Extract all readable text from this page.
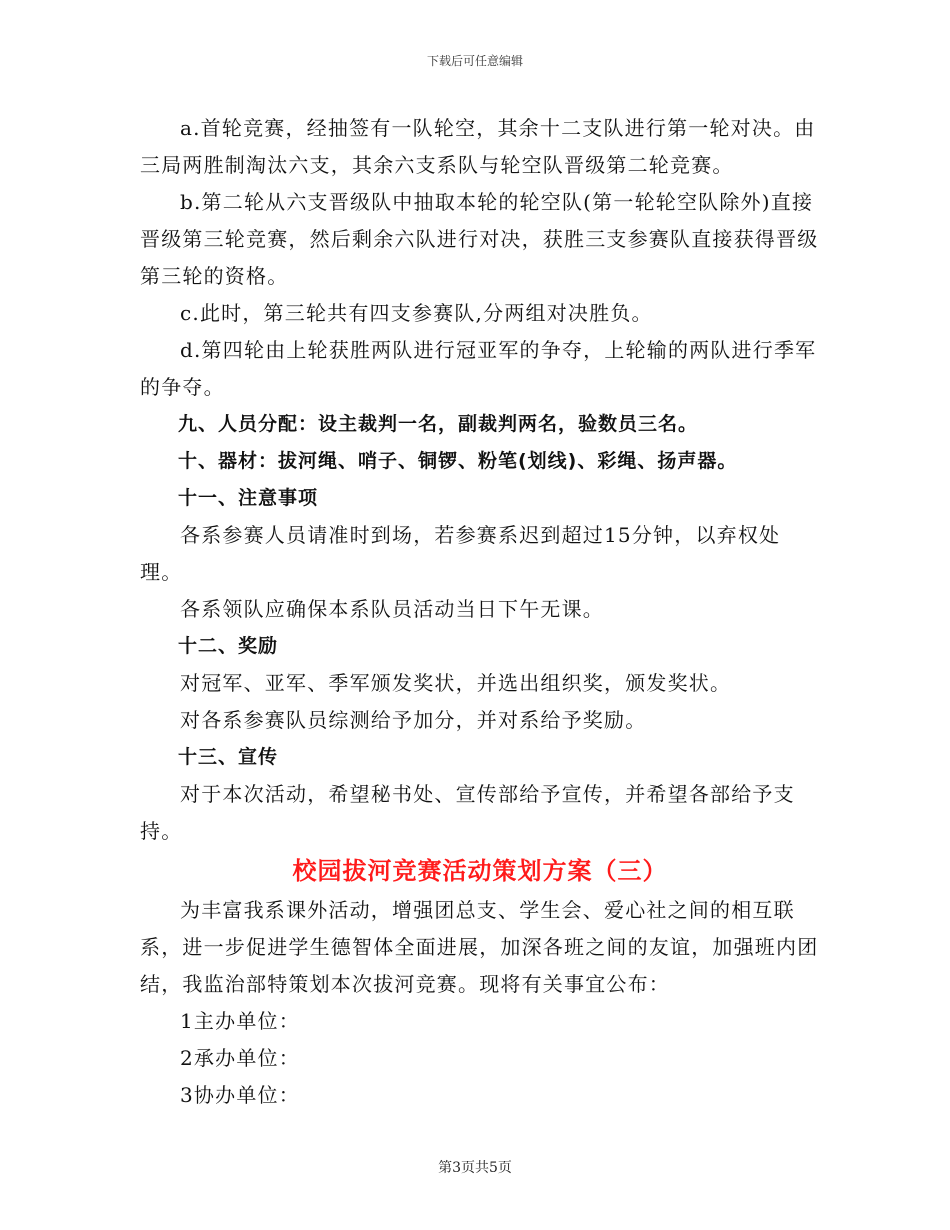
下载后可任意编辑

a.首轮竞赛，经抽签有一队轮空，其余十二支队进行第一轮对决。由三局两胜制淘汰六支，其余六支系队与轮空队晋级第二轮竞赛。

b.第二轮从六支晋级队中抽取本轮的轮空队(第一轮轮空队除外)直接晋级第三轮竞赛，然后剩余六队进行对决，获胜三支参赛队直接获得晋级第三轮的资格。

c.此时，第三轮共有四支参赛队,分两组对决胜负。

d.第四轮由上轮获胜两队进行冠亚军的争夺，上轮输的两队进行季军的争夺。

九、人员分配：设主裁判一名，副裁判两名，验数员三名。

十、器材：拔河绳、哨子、铜锣、粉笔(划线)、彩绳、扬声器。

十一、注意事项

各系参赛人员请准时到场，若参赛系迟到超过15分钟，以弃权处理。

各系领队应确保本系队员活动当日下午无课。

十二、奖励

对冠军、亚军、季军颁发奖状，并选出组织奖，颁发奖状。

对各系参赛队员综测给予加分，并对系给予奖励。

十三、宣传

对于本次活动，希望秘书处、宣传部给予宣传，并希望各部给予支持。

校园拔河竞赛活动策划方案（三）

为丰富我系课外活动，增强团总支、学生会、爱心社之间的相互联系，进一步促进学生德智体全面进展，加深各班之间的友谊，加强班内团结，我监治部特策划本次拔河竞赛。现将有关事宜公布：

1主办单位：

2承办单位：

3协办单位：

第3页共5页
